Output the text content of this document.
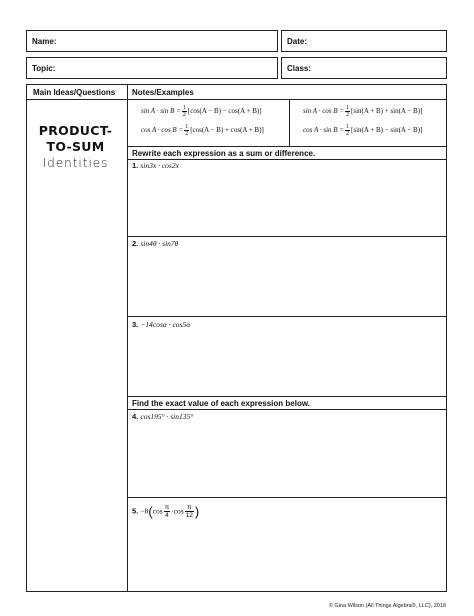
Name:	Date:
Topic:	Class:
Main Ideas/Questions Notes/Examples
PRODUCT-
TO-SUM
Identities
$\sin A \cdot \sin B = \frac{1}{2} [\cos(A - B) - \cos(A + B)]$
$\cos A \cdot \cos B = \frac{1}{2} [\cos(A - B) + \cos(A + B)]$
$\sin A \cdot \cos B = \frac{1}{2} [\sin(A + B) + \sin(A - B)]$
$\cos A \cdot \sin B = \frac{1}{2} [\sin(A + B) - \sin(A - B)]$
Rewrite each expression as a sum or difference.
1. sin3x · cos2x
2. sin4θ · sin7θ
3. −14cosα · cos5α
Find the exact value of each expression below.
4. cos195° · sin135°
5. $-8(\cos \frac{\pi}{4} \cdot\cos \frac{\pi}{12}$ )
© Gina Wilson (All Things Algebra®, LLC), 2018
